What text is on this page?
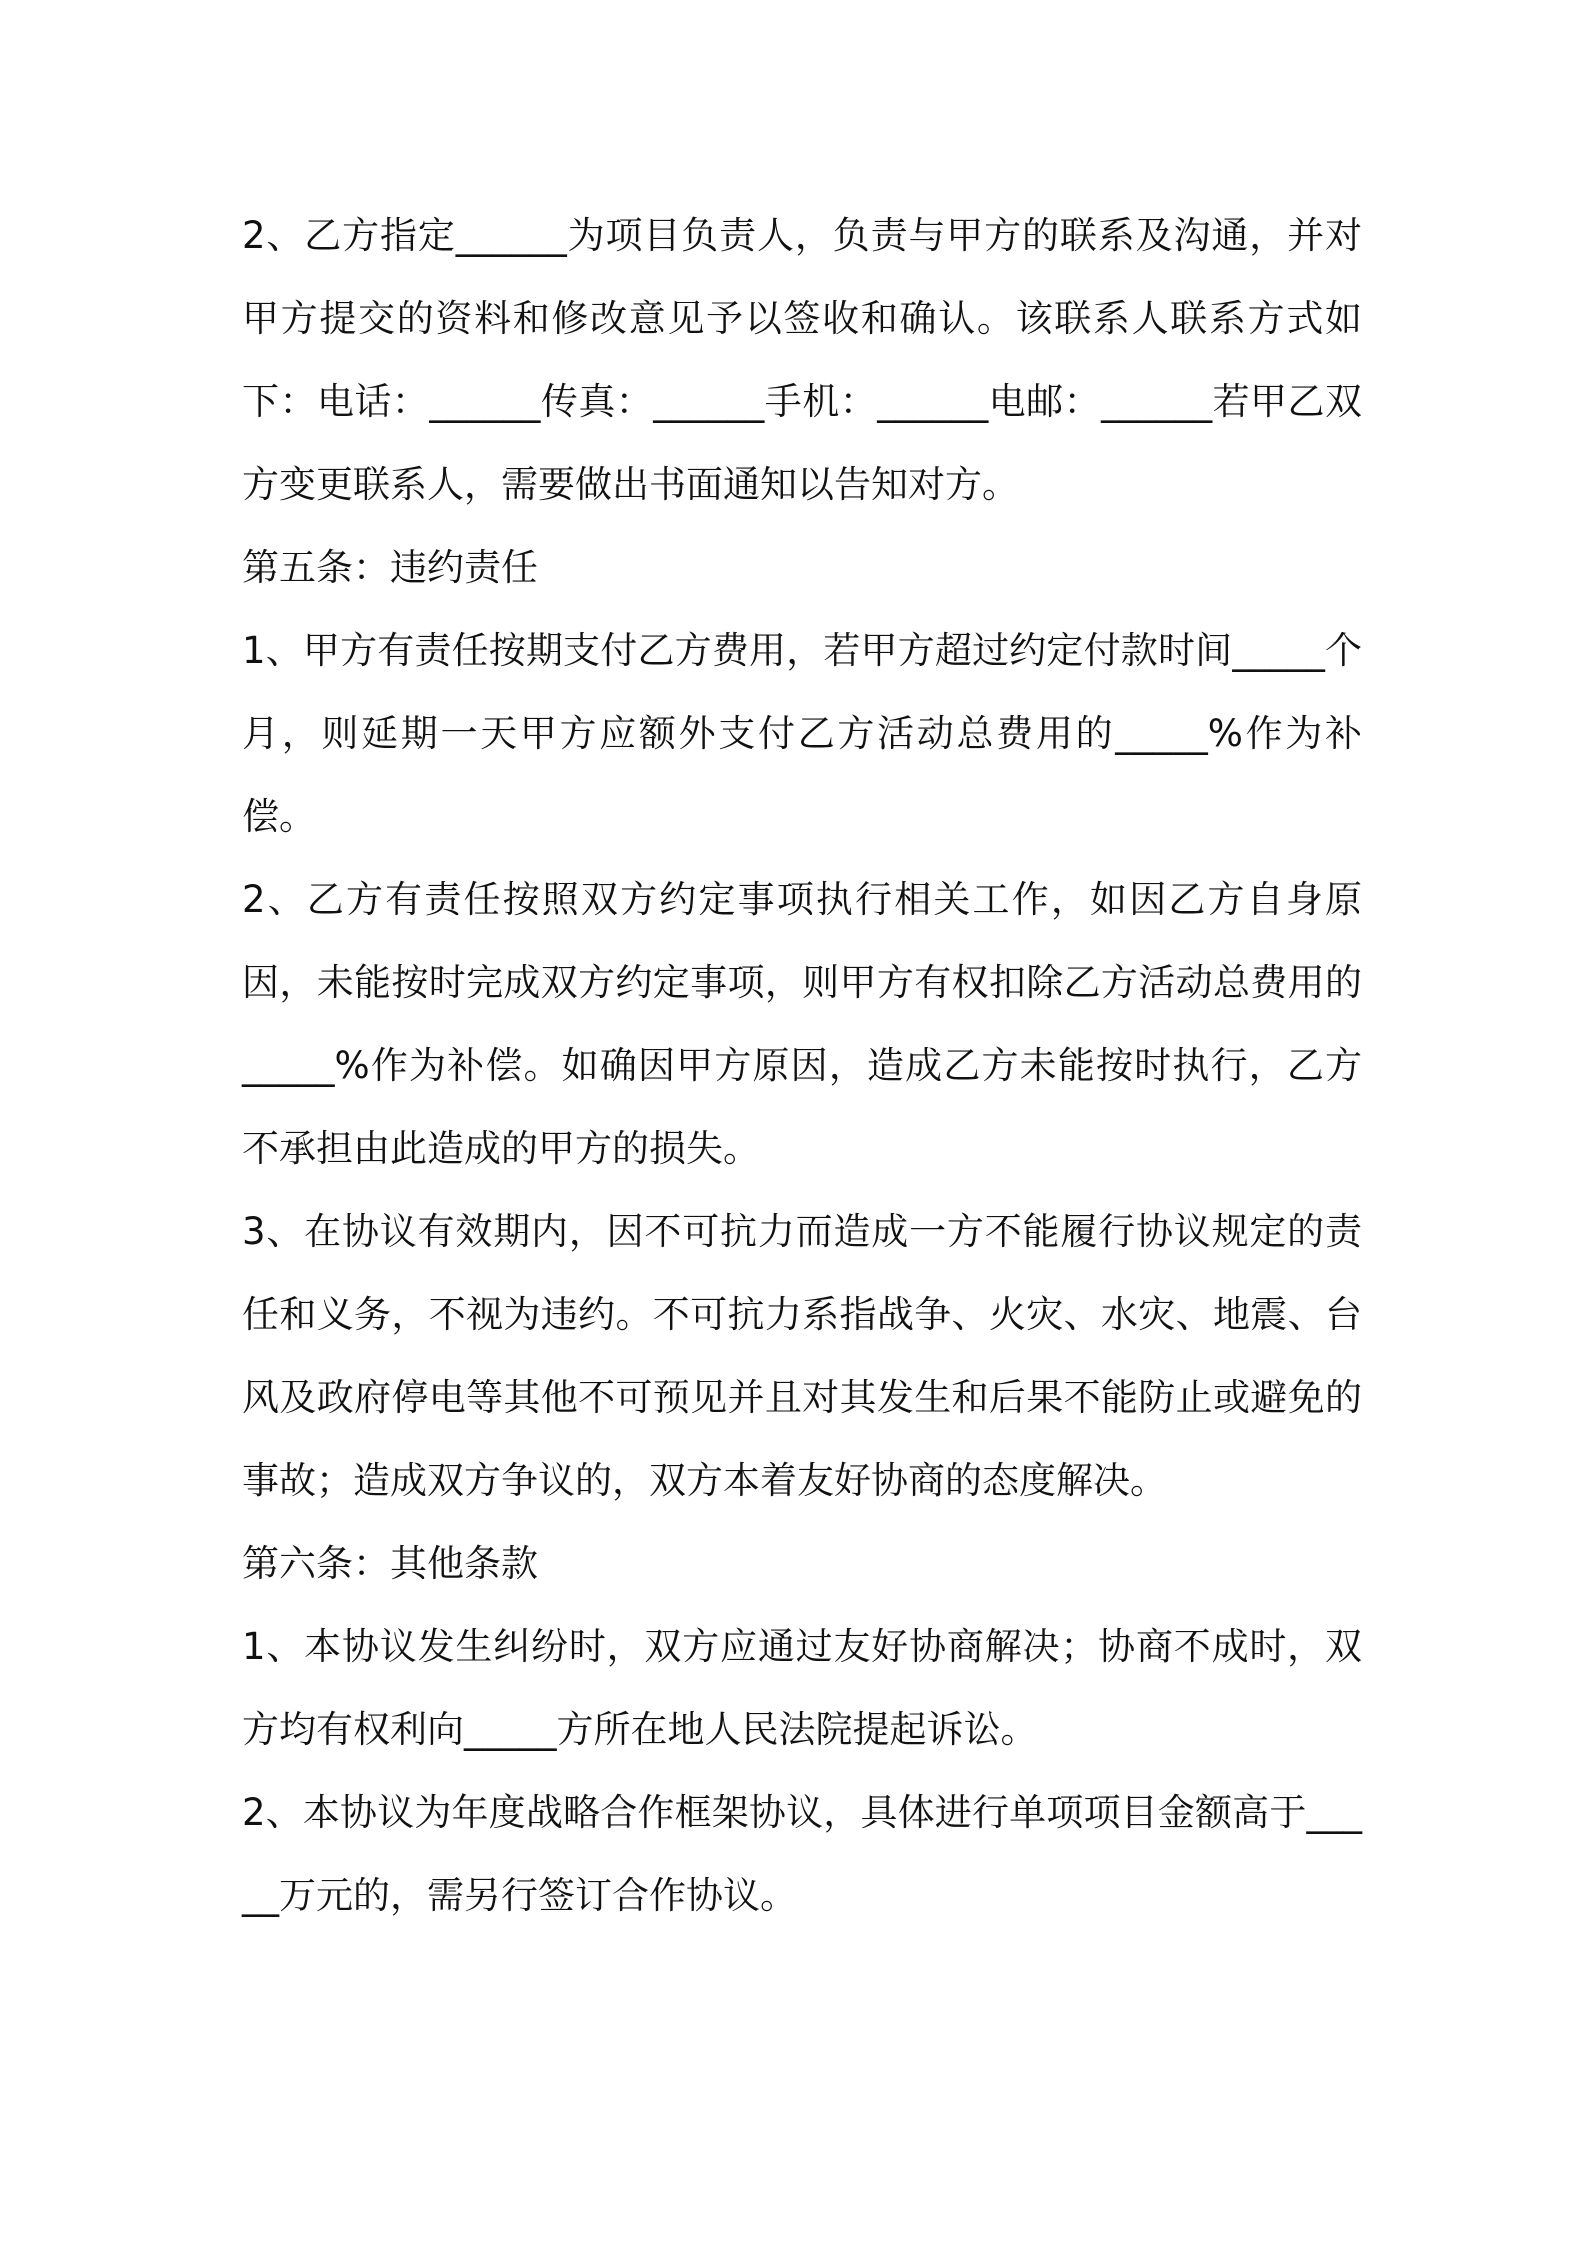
2、乙方指定______为项目负责人，负责与甲方的联系及沟通，并对甲方提交的资料和修改意见予以签收和确认。该联系人联系方式如下：电话：______传真：______手机：______电邮：______若甲乙双方变更联系人，需要做出书面通知以告知对方。

第五条：违约责任

1、甲方有责任按期支付乙方费用，若甲方超过约定付款时间_____个月，则延期一天甲方应额外支付乙方活动总费用的_____%作为补偿。

2、乙方有责任按照双方约定事项执行相关工作，如因乙方自身原因，未能按时完成双方约定事项，则甲方有权扣除乙方活动总费用的_____%作为补偿。如确因甲方原因，造成乙方未能按时执行，乙方不承担由此造成的甲方的损失。

3、在协议有效期内，因不可抗力而造成一方不能履行协议规定的责任和义务，不视为违约。不可抗力系指战争、火灾、水灾、地震、台风及政府停电等其他不可预见并且对其发生和后果不能防止或避免的事故；造成双方争议的，双方本着友好协商的态度解决。

第六条：其他条款

1、本协议发生纠纷时，双方应通过友好协商解决；协商不成时，双方均有权利向_____方所在地人民法院提起诉讼。

2、本协议为年度战略合作框架协议，具体进行单项项目金额高于_____万元的，需另行签订合作协议。
